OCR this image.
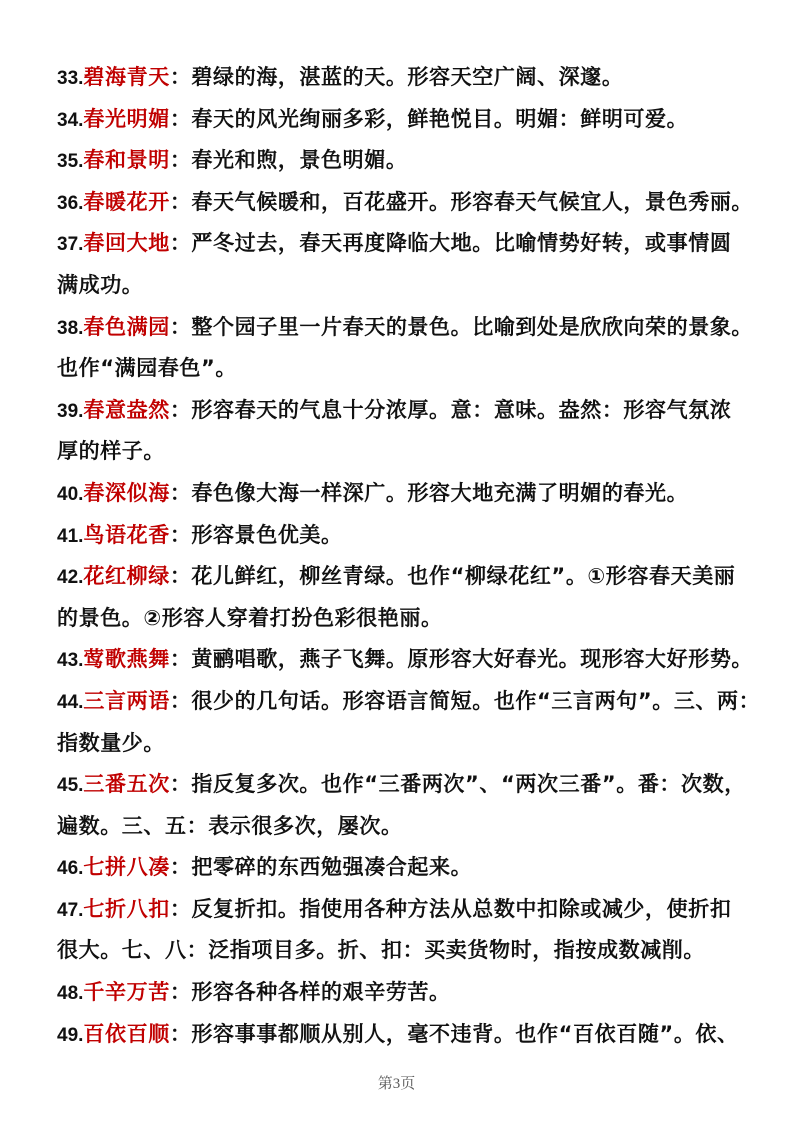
33.碧海青天：碧绿的海，湛蓝的天。形容天空广阔、深邃。
34.春光明媚：春天的风光绚丽多彩，鲜艳悦目。明媚：鲜明可爱。
35.春和景明：春光和煦，景色明媚。
36.春暖花开：春天气候暖和，百花盛开。形容春天气候宜人，景色秀丽。
37.春回大地：严冬过去，春天再度降临大地。比喻情势好转，或事情圆
满成功。
38.春色满园：整个园子里一片春天的景色。比喻到处是欣欣向荣的景象。
也作“满园春色”。
39.春意盎然：形容春天的气息十分浓厚。意：意味。盎然：形容气氛浓
厚的样子。
40.春深似海：春色像大海一样深广。形容大地充满了明媚的春光。
41.鸟语花香：形容景色优美。
42.花红柳绿：花儿鲜红，柳丝青绿。也作“柳绿花红”。①形容春天美丽
的景色。②形容人穿着打扮色彩很艳丽。
43.莺歌燕舞：黄鹂唱歌，燕子飞舞。原形容大好春光。现形容大好形势。
44.三言两语：很少的几句话。形容语言简短。也作“三言两句”。三、两：
指数量少。
45.三番五次：指反复多次。也作“三番两次”、“两次三番”。番：次数，
遍数。三、五：表示很多次，屡次。
46.七拼八凑：把零碎的东西勉强凑合起来。
47.七折八扣：反复折扣。指使用各种方法从总数中扣除或减少，使折扣
很大。七、八：泛指项目多。折、扣：买卖货物时，指按成数减削。
48.千辛万苦：形容各种各样的艰辛劳苦。
49.百依百顺：形容事事都顺从别人，毫不违背。也作“百依百随”。依、
第3页
